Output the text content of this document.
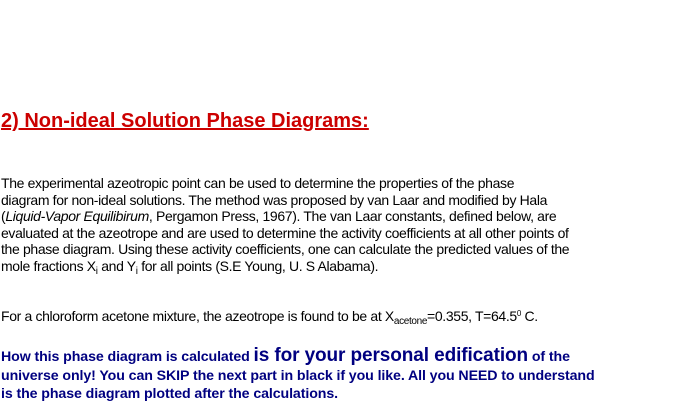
2) Non-ideal Solution Phase Diagrams:
The experimental azeotropic point can be used to determine the properties of the phase
diagram for non-ideal solutions. The method was proposed by van Laar and modified by Hala
(Liquid-Vapor Equilibirum, Pergamon Press, 1967). The van Laar constants, defined below, are
evaluated at the azeotrope and are used to determine the activity coefficients at all other points of
the phase diagram. Using these activity coefficients, one can calculate the predicted values of the
mole fractions $X_i$ and $Y_i$ for all points (S.E Young, U. S Alabama).
For a chloroform acetone mixture, the azeotrope is found to be at $X_{acetone}=0.355$, $T=64.5^0$ C.
How this phase diagram is calculated is for your personal edification of the
universe only! You can SKIP the next part in black if you like. All you NEED to understand
is the phase diagram plotted after the calculations.
